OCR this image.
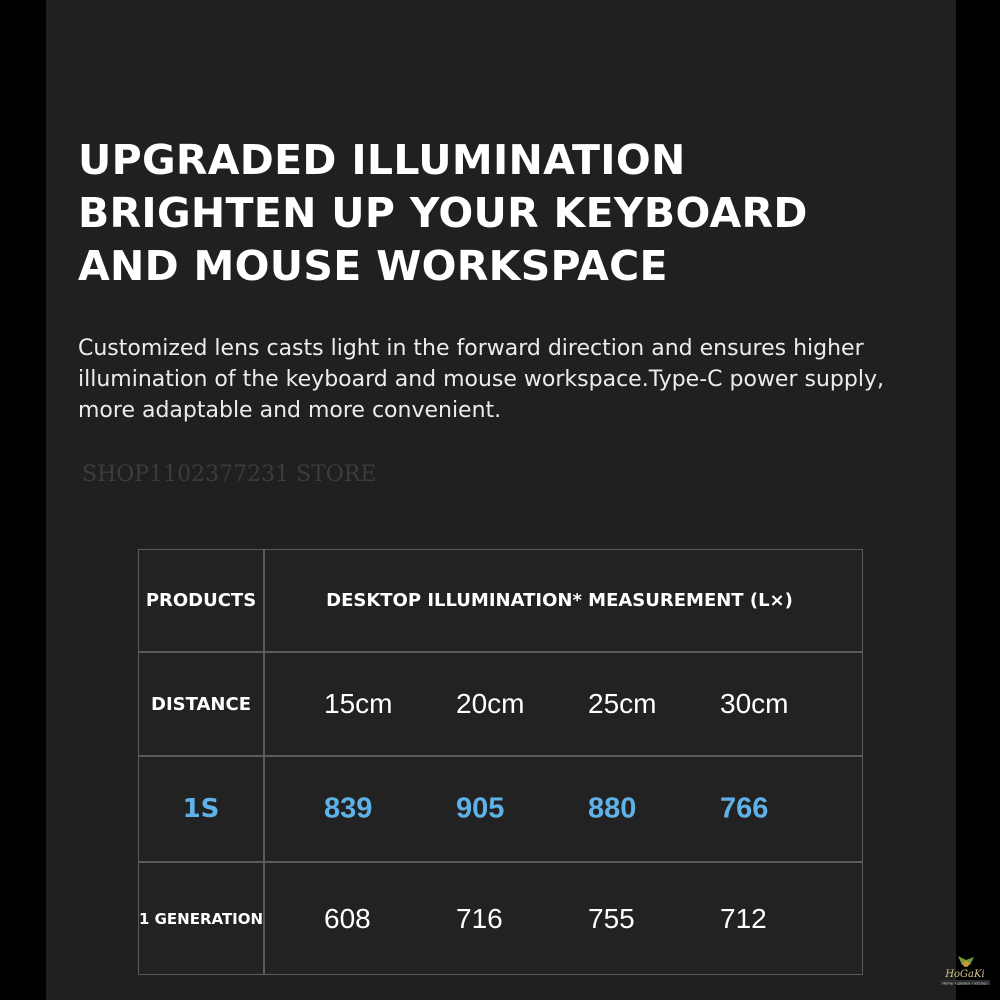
UPGRADED ILLUMINATION
BRIGHTEN UP YOUR KEYBOARD
AND MOUSE WORKSPACE

Customized lens casts light in the forward direction and ensures higher
illumination of the keyboard and mouse workspace.Type-C power supply,
more adaptable and more convenient.

SHOP1102377231 STORE
PRODUCTS	DESKTOP ILLUMINATION* MEASUREMENT (L×)
DISTANCE	15cm 20cm 25cm 30cm
1S	839	905	880	766
1 GENERATION 608	716	755	712
HoGaKi
Home • garden • kitchen
